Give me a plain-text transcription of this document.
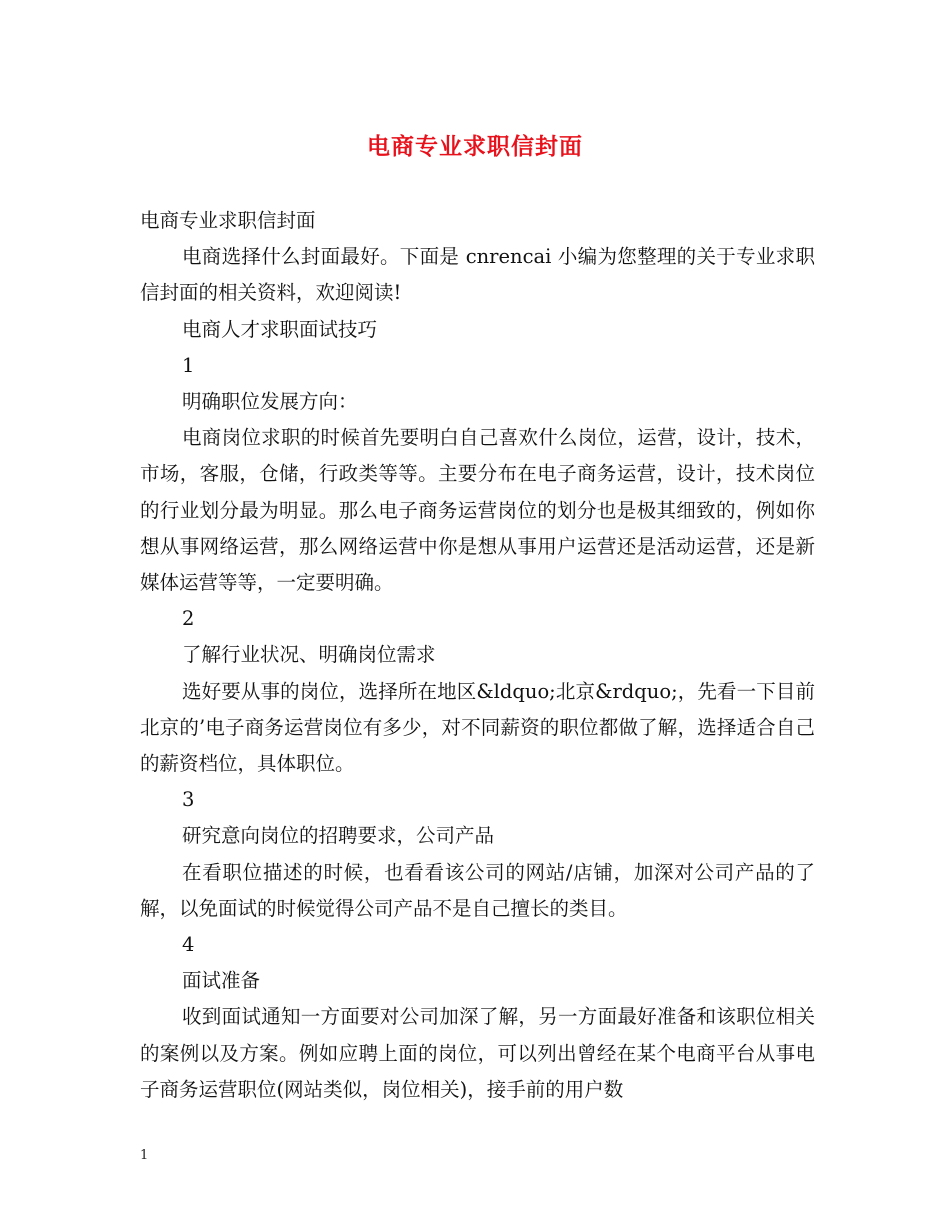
电商专业求职信封面

电商专业求职信封面

电商选择什么封面最好。下面是 cnrencai 小编为您整理的关于专业求职信封面的相关资料，欢迎阅读!

电商人才求职面试技巧

1

明确职位发展方向：

电商岗位求职的时候首先要明白自己喜欢什么岗位，运营，设计，技术，市场，客服，仓储，行政类等等。主要分布在电子商务运营，设计，技术岗位的行业划分最为明显。那么电子商务运营岗位的划分也是极其细致的，例如你想从事网络运营，那么网络运营中你是想从事用户运营还是活动运营，还是新媒体运营等等，一定要明确。

2

了解行业状况、明确岗位需求

选好要从事的岗位，选择所在地区&ldquo;北京&rdquo;，先看一下目前北京的’电子商务运营岗位有多少，对不同薪资的职位都做了解，选择适合自己的薪资档位，具体职位。

3

研究意向岗位的招聘要求，公司产品

在看职位描述的时候，也看看该公司的网站/店铺，加深对公司产品的了解，以免面试的时候觉得公司产品不是自己擅长的类目。

4

面试准备

收到面试通知一方面要对公司加深了解，另一方面最好准备和该职位相关的案例以及方案。例如应聘上面的岗位，可以列出曾经在某个电商平台从事电子商务运营职位(网站类似，岗位相关)，接手前的用户数

1
